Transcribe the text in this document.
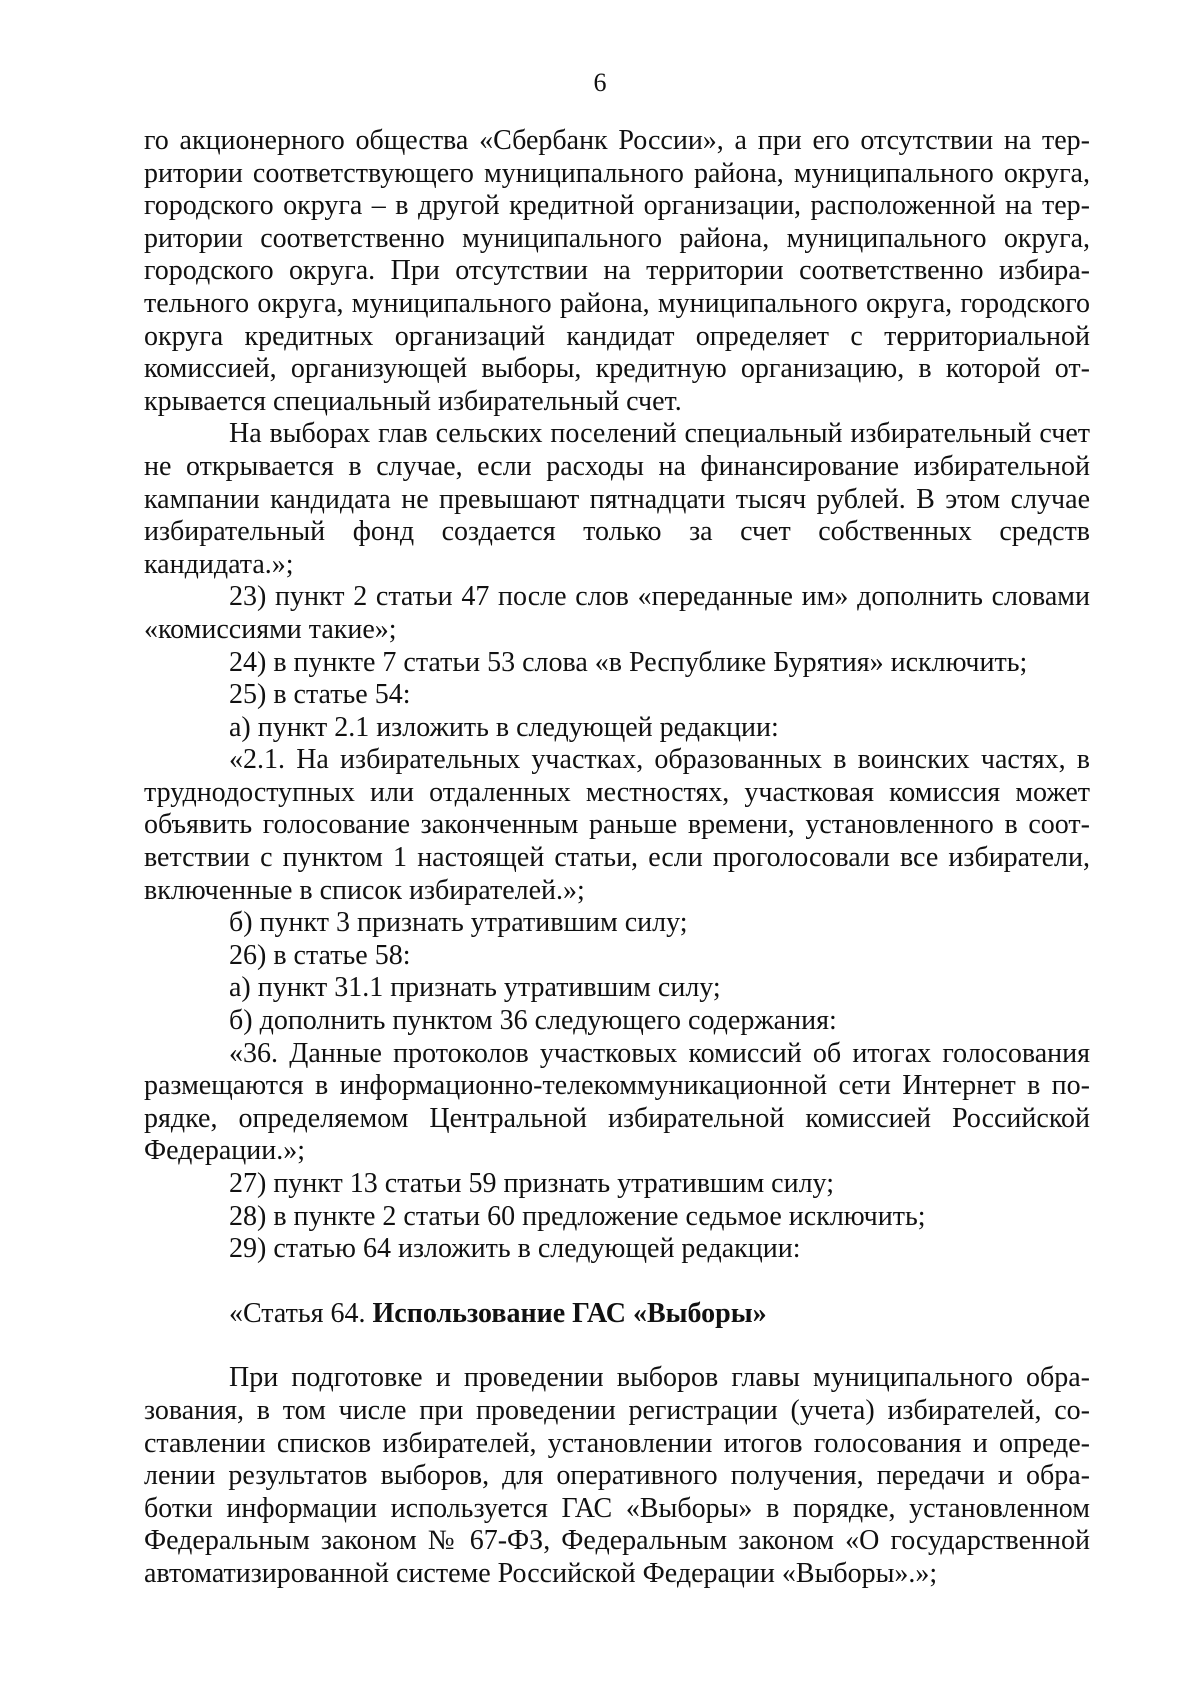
6

го акционерного общества «Сбербанк России», а при его отсутствии на территории соответствующего муниципального района, муниципального округа, городского округа – в другой кредитной организации, расположенной на территории соответственно муниципального района, муниципального округа, городского округа. При отсутствии на территории соответственно избирательного округа, муниципального района, муниципального округа, городского округа кредитных организаций кандидат определяет с территориальной комиссией, организующей выборы, кредитную организацию, в которой открывается специальный избирательный счет.

На выборах глав сельских поселений специальный избирательный счет не открывается в случае, если расходы на финансирование избирательной кампании кандидата не превышают пятнадцати тысяч рублей. В этом случае избирательный фонд создается только за счет собственных средств кандидата.»;

23) пункт 2 статьи 47 после слов «переданные им» дополнить словами «комиссиями такие»;

24) в пункте 7 статьи 53 слова «в Республике Бурятия» исключить;

25) в статье 54:

а) пункт 2.1 изложить в следующей редакции:

«2.1. На избирательных участках, образованных в воинских частях, в труднодоступных или отдаленных местностях, участковая комиссия может объявить голосование законченным раньше времени, установленного в соответствии с пунктом 1 настоящей статьи, если проголосовали все избиратели, включенные в список избирателей.»;

б) пункт 3 признать утратившим силу;

26) в статье 58:

а) пункт 31.1 признать утратившим силу;

б) дополнить пунктом 36 следующего содержания:

«36. Данные протоколов участковых комиссий об итогах голосования размещаются в информационно-телекоммуникационной сети Интернет в порядке, определяемом Центральной избирательной комиссией Российской Федерации.»;

27) пункт 13 статьи 59 признать утратившим силу;

28) в пункте 2 статьи 60 предложение седьмое исключить;

29) статью 64 изложить в следующей редакции:

«Статья 64. Использование ГАС «Выборы»

При подготовке и проведении выборов главы муниципального образования, в том числе при проведении регистрации (учета) избирателей, составлении списков избирателей, установлении итогов голосования и определении результатов выборов, для оперативного получения, передачи и обработки информации используется ГАС «Выборы» в порядке, установленном Федеральным законом № 67-ФЗ, Федеральным законом «О государственной автоматизированной системе Российской Федерации «Выборы».»;
